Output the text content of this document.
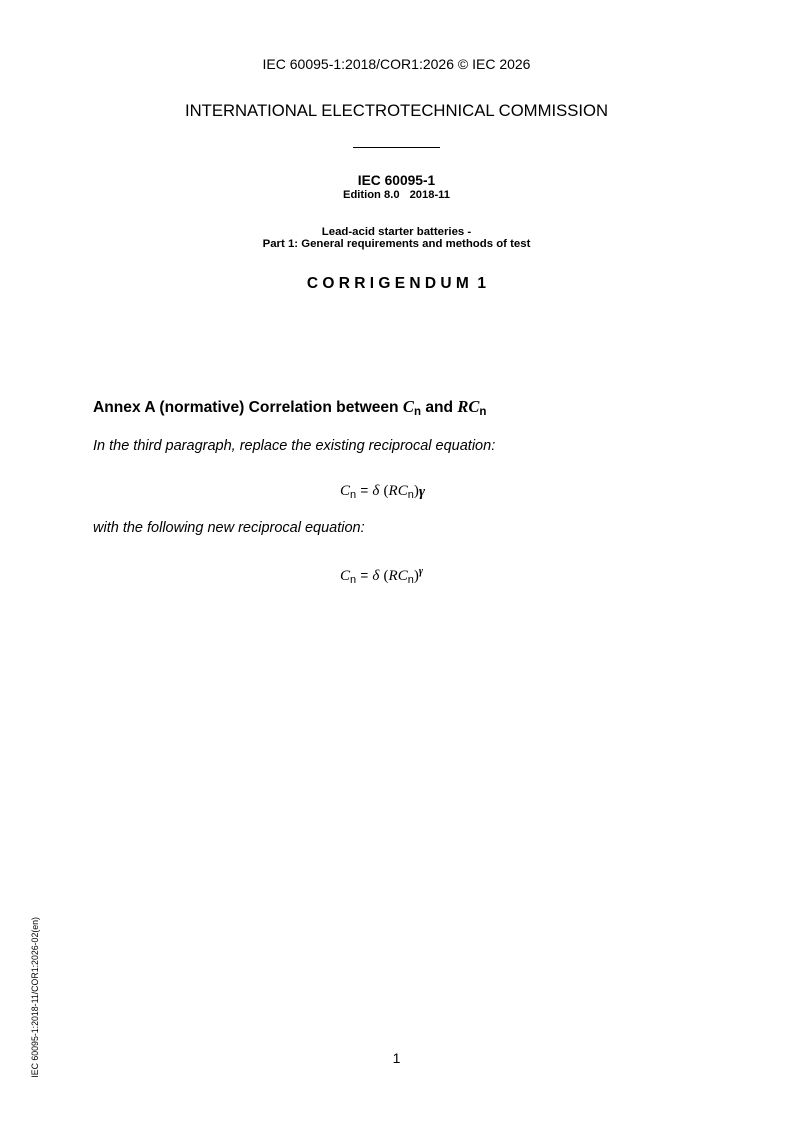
IEC 60095-1:2018/COR1:2026 © IEC 2026
INTERNATIONAL ELECTROTECHNICAL COMMISSION
IEC 60095-1
Edition 8.0 2018-11
Lead-acid starter batteries -
Part 1: General requirements and methods of test
C O R R I G E N D U M  1
Annex A (normative) Correlation between $C_n$ and $RC_n$
In the third paragraph, replace the existing reciprocal equation:
$C_n = \delta$ $(RC_n)\gamma$
with the following new reciprocal equation:
$C_n = \delta$ $(RC_n)^\gamma$
1
IEC 60095-1:2018-11/COR1:2026-02(en)
